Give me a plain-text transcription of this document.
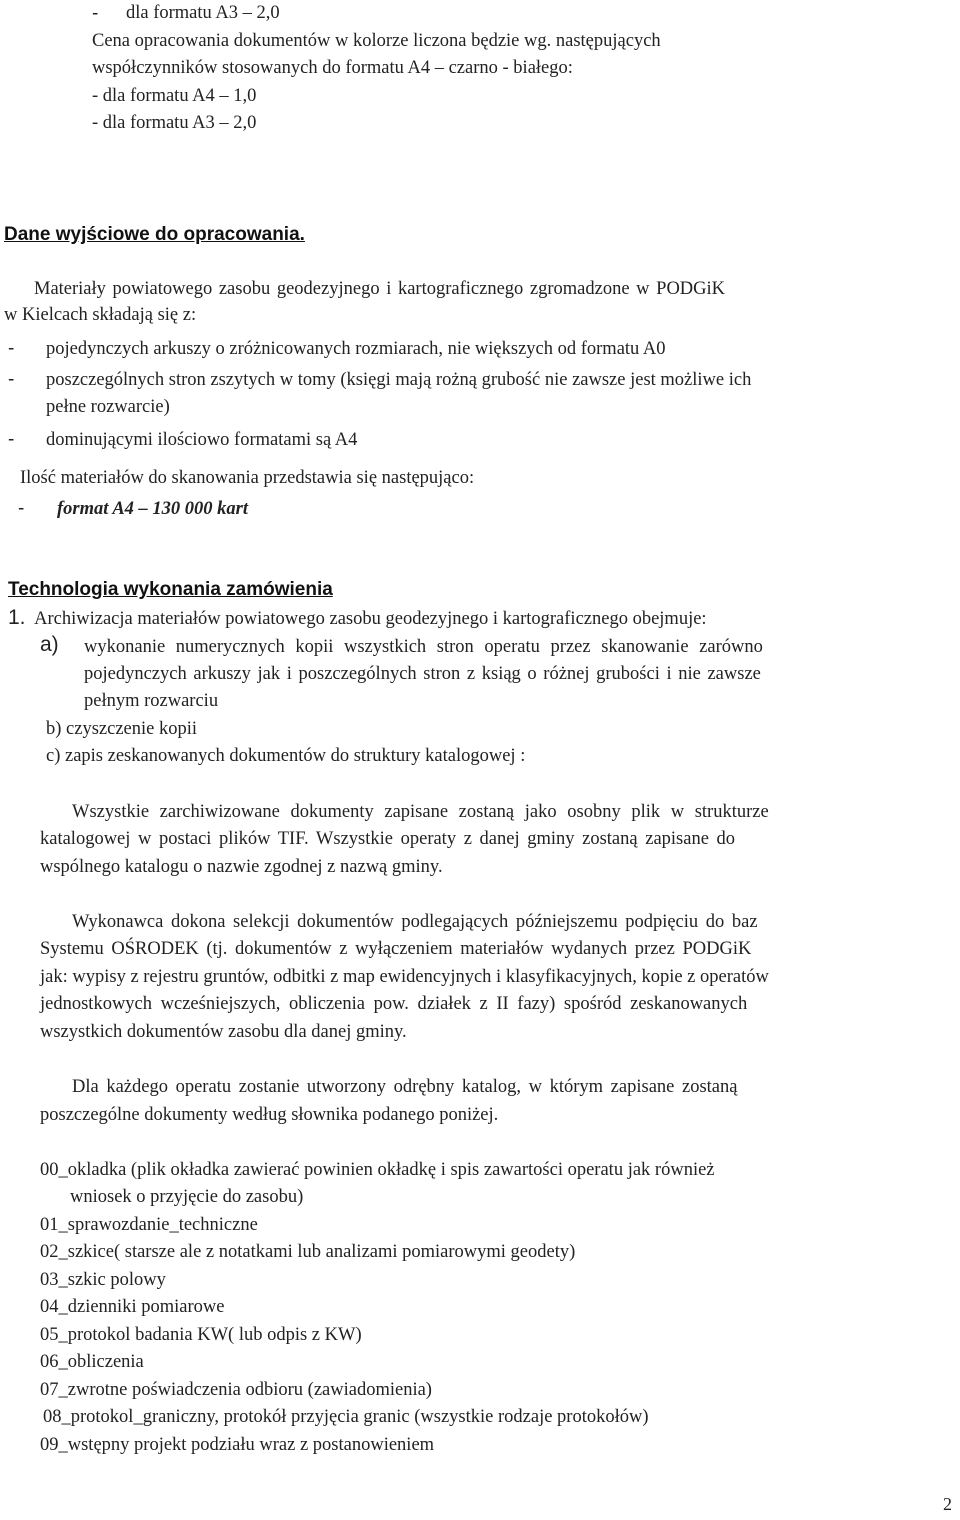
- dla formatu A3 – 2,0
Cena opracowania dokumentów w kolorze liczona będzie wg. następujących
współczynników stosowanych do formatu A4 – czarno - białego:
- dla formatu A4 – 1,0
- dla formatu A3 – 2,0
Dane wyjściowe do opracowania.
Materiały powiatowego zasobu geodezyjnego i kartograficznego zgromadzone w PODGiK
w Kielcach składają się z:
- pojedynczych arkuszy o zróżnicowanych rozmiarach, nie większych od formatu A0
- poszczególnych stron zszytych w tomy (księgi mają rożną grubość nie zawsze jest możliwe ich
pełne rozwarcie)
- dominującymi ilościowo formatami są A4
Ilość materiałów do skanowania przedstawia się następująco:
- format A4 – 130 000 kart
Technologia wykonania zamówienia
1. Archiwizacja materiałów powiatowego zasobu geodezyjnego i kartograficznego obejmuje:
a) wykonanie numerycznych kopii wszystkich stron operatu przez skanowanie zarówno
pojedynczych arkuszy jak i poszczególnych stron z ksiąg o różnej grubości i nie zawsze
pełnym rozwarciu
b) czyszczenie kopii
c) zapis zeskanowanych dokumentów do struktury katalogowej :
Wszystkie zarchiwizowane dokumenty zapisane zostaną jako osobny plik w strukturze
katalogowej w postaci plików TIF. Wszystkie operaty z danej gminy zostaną zapisane do
wspólnego katalogu o nazwie zgodnej z nazwą gminy.
Wykonawca dokona selekcji dokumentów podlegających późniejszemu podpięciu do baz
Systemu OŚRODEK (tj. dokumentów z wyłączeniem materiałów wydanych przez PODGiK
jak: wypisy z rejestru gruntów, odbitki z map ewidencyjnych i klasyfikacyjnych, kopie z operatów
jednostkowych wcześniejszych, obliczenia pow. działek z II fazy) spośród zeskanowanych
wszystkich dokumentów zasobu dla danej gminy.
Dla każdego operatu zostanie utworzony odrębny katalog, w którym zapisane zostaną
poszczególne dokumenty według słownika podanego poniżej.
00_okladka (plik okładka zawierać powinien okładkę i spis zawartości operatu jak również
wniosek o przyjęcie do zasobu)
01_sprawozdanie_techniczne
02_szkice( starsze ale z notatkami lub analizami pomiarowymi geodety)
03_szkic polowy
04_dzienniki pomiarowe
05_protokol badania KW( lub odpis z KW)
06_obliczenia
07_zwrotne poświadczenia odbioru (zawiadomienia)
08_protokol_graniczny, protokół przyjęcia granic (wszystkie rodzaje protokołów)
09_wstępny projekt podziału wraz z postanowieniem
2
